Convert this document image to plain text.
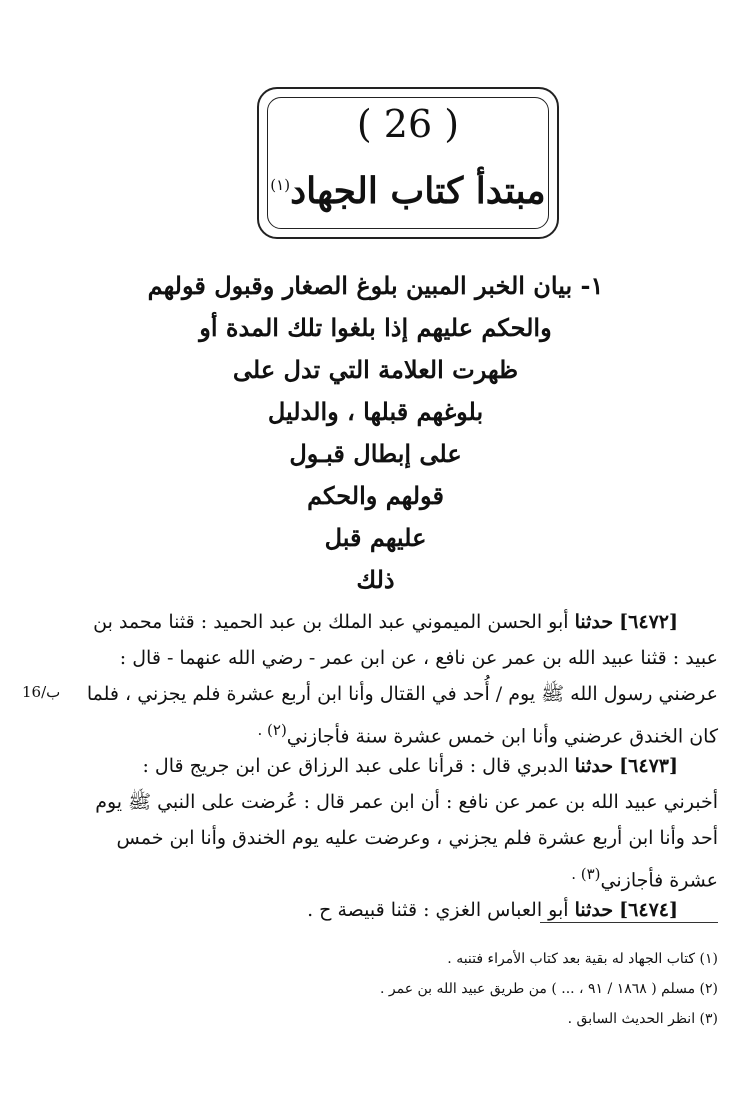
( 26 )
مبتدأ كتاب الجهاد$^{(١)}$
١- بيان الخبر المبين بلوغ الصغار وقبول قولهم
والحكم عليهم إذا بلغوا تلك المدة أو
ظهرت العلامة التي تدل على
بلوغهم قبلها ، والدليل
على إبطال قبـول
قولهم والحكم
عليهم قبل
ذلك
[٦٤٧٢] حدثنا أبو الحسن الميموني عبد الملك بن عبد الحميد : قثنا محمد بن
عبيد : قثنا عبيد الله بن عمر عن نافع ، عن ابن عمر - رضي الله عنهما - قال :
عرضني رسول الله ﷺ يوم / أُحد في القتال وأنا ابن أربع عشرة فلم يجزني ، فلما
كان الخندق عرضني وأنا ابن خمس عشرة سنة فأجازني$^{(٢) .}$
16/ب
[٦٤٧٣] حدثنا الدبري قال : قرأنا على عبد الرزاق عن ابن جريج قال :
أخبرني عبيد الله بن عمر عن نافع : أن ابن عمر قال : عُرضت على النبي ﷺ يوم
أحد وأنا ابن أربع عشرة فلم يجزني ، وعرضت عليه يوم الخندق وأنا ابن خمس
عشرة فأجازني$^{(٣) .}$
[٦٤٧٤] حدثنا أبو العباس الغزي : قثنا قبيصة ح .
(١) كتاب الجهاد له بقية بعد كتاب الأمراء فتنبه .
(٢) مسلم ( ١٨٦٨ / ٩١ ، ... ) من طريق عبيد الله بن عمر .
(٣) انظر الحديث السابق .
